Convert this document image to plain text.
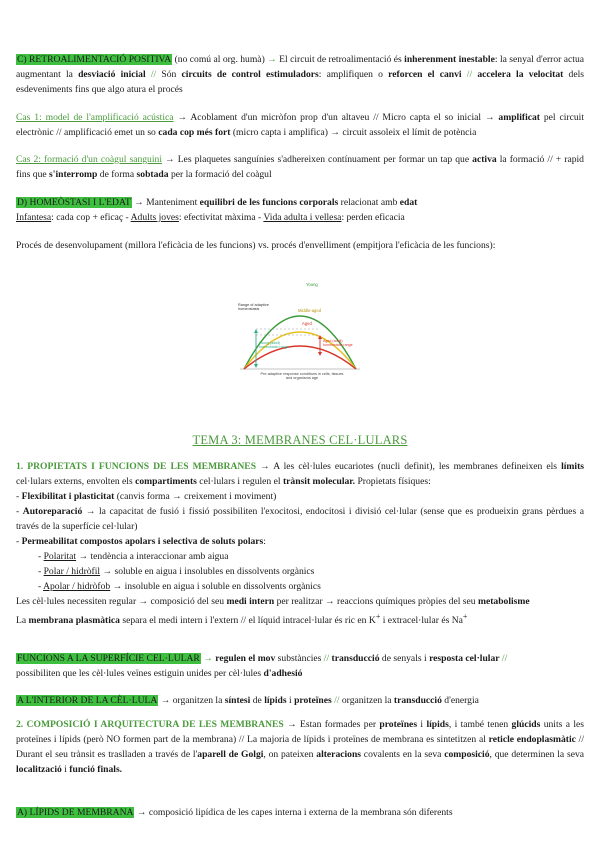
C) RETROALIMENTACIÓ POSITIVA (no comú al org. humà) → El circuit de retroalimentació és inherenment inestable: la senyal d'error actua augmentant la desviació inicial // Són circuits de control estimuladors: amplifiquen o reforcen el canvi // accelera la velocitat dels esdeveniments fins que algo atura el procés

Cas 1: model de l'amplificació acústica → Acoblament d'un micròfon prop d'un altaveu // Micro capta el so inicial → amplificat pel circuit electrònic // amplificació emet un so cada cop més fort (micro capta i amplifica) → circuit assoleix el límit de potència

Cas 2: formació d'un coàgul sanguini → Les plaquetes sanguínies s'adhereixen contínuament per formar un tap que activa la formació // + rapid fins que s'interromp de forma sobtada per la formació del coàgul

D) HOMEÒSTASI I L'EDAT → Manteniment equilibri de les funcions corporals relacionat amb edat
Infantesa: cada cop + eficaç - Adults joves: efectivitat màxima - Vida adulta i vellesa: perden eficacia

Procés de desenvolupament (millora l'eficàcia de les funcions) vs. procés d'envelliment (empitjora l'eficàcia de les funcions):

Young
Middle-aged
Aged
Range of adaptive homeostasis
Young (adult) homeostatic range
Aged (adult) homeostatic range
Pre-adaptive response conditions in cells, tissues and organisms age
TEMA 3: MEMBRANES CEL·LULARS
1. PROPIETATS I FUNCIONS DE LES MEMBRANES → A les cèl·lules eucariotes (nucli definit), les membranes defineixen els límits cel·lulars externs, envolten els compartiments cel·lulars i regulen el trànsit molecular. Propietats físiques:
- Flexibilitat i plasticitat (canvis forma → creixement i moviment)
- Autoreparació → la capacitat de fusió i fissió possibiliten l'exocitosi, endocitosi i divisió cel·lular (sense que es produeixin grans pèrdues a través de la superfície cel·lular)
- Permeabilitat compostos apolars i selectiva de soluts polars:
- Polaritat → tendència a interaccionar amb aigua
- Polar / hidròfil → soluble en aigua i insolubles en dissolvents orgànics
- Apolar / hidròfob → insoluble en aigua i soluble en dissolvents orgànics
Les cèl·lules necessiten regular → composició del seu medi intern per realitzar → reaccions químiques pròpies del seu metabolisme
La membrana plasmàtica separa el medi intern i l'extern // el líquid intracel·lular és ric en K+ i extracel·lular és Na+

FUNCIONS A LA SUPERFÍCIE CEL·LULAR → regulen el mov substàncies // transducció de senyals i resposta cel·lular //
possibiliten que les cèl·lules veïnes estiguin unides per cèl·lules d'adhesió

A L'INTERIOR DE LA CÈL·LULA → organitzen la síntesi de lípids i proteïnes // organitzen la transducció d'energia

2. COMPOSICIÓ I ARQUITECTURA DE LES MEMBRANES → Estan formades per proteïnes i lípids, i també tenen glúcids units a les proteïnes i lípids (però NO formen part de la membrana) // La majoria de lípids i proteïnes de membrana es sintetitzen al reticle endoplasmàtic // Durant el seu trànsit es traslladen a través de l'aparell de Golgi, on pateixen alteracions covalents en la seva composició, que determinen la seva localització i funció finals.

A) LÍPIDS DE MEMBRANA → composició lipídica de les capes interna i externa de la membrana són diferents
